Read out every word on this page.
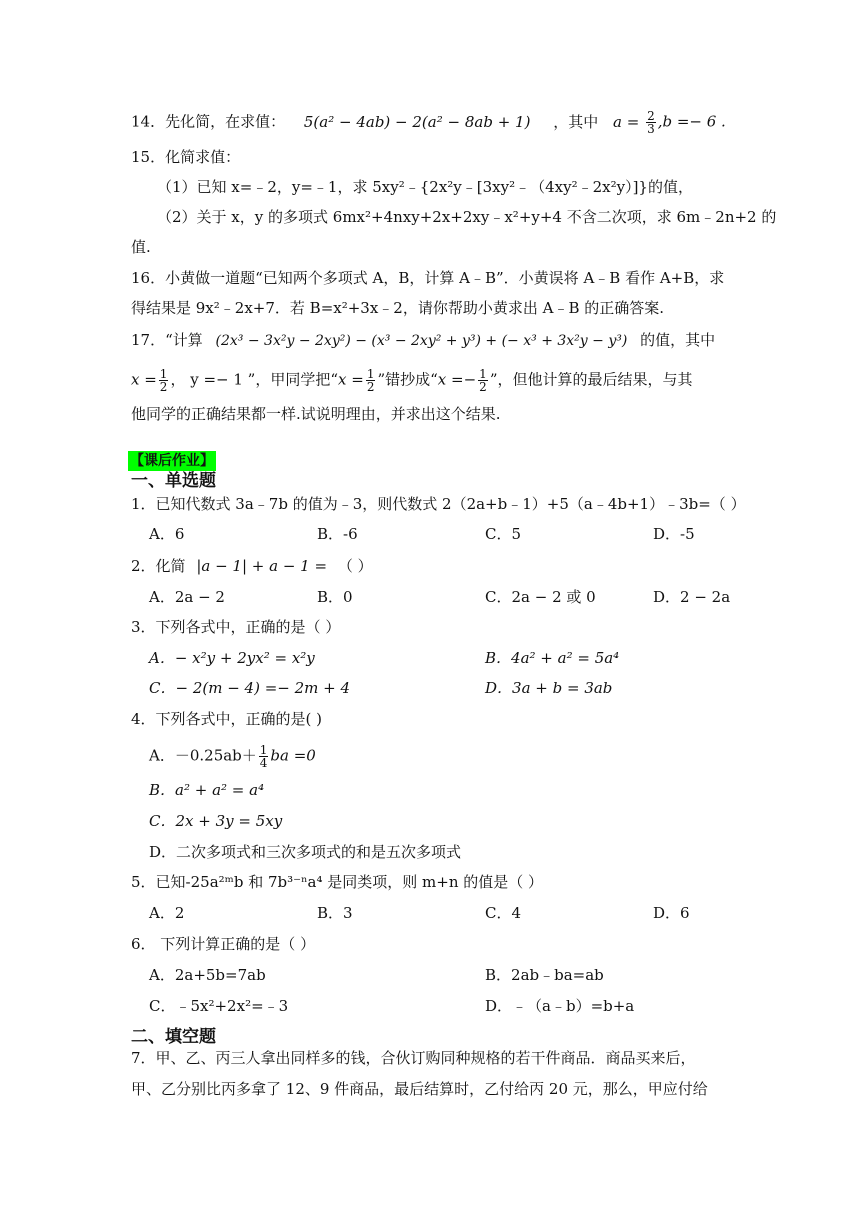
14．先化简，在求值： 5(a² − 4ab) − 2(a² − 8ab + 1) ，其中 $a = \frac{2}{3} ,b =- 6$ .
15．化简求值：
（1）已知 x=﹣2，y=﹣1，求 5xy²﹣{2x²y﹣[3xy²﹣（4xy²﹣2x²y）]}的值，
（2）关于 x，y 的多项式 6mx²+4nxy+2x+2xy﹣x²+y+4 不含二次项，求 6m﹣2n+2 的
值.
16．小黄做一道题“已知两个多项式 A，B，计算 A﹣B”．小黄误将 A﹣B 看作 A+B，求
得结果是 9x²﹣2x+7．若 B=x²+3x﹣2，请你帮助小黄求出 A﹣B 的正确答案.
17．“计算 (2x³ − 3x²y − 2xy²) − (x³ − 2xy² + y³) + (− x³ + 3x²y − y³) 的值，其中
$x = \frac{1}{2}$ ， y =− 1 ”，甲同学把“$x = \frac{1}{2}$ ”错抄成“$x =- \frac{1}{2}$ ”，但他计算的最后结果，与其
他同学的正确结果都一样.试说明理由，并求出这个结果.
【课后作业】
一、单选题
1．已知代数式 3a﹣7b 的值为﹣3，则代数式 2（2a+b﹣1）+5（a﹣4b+1）﹣3b=（ ）
A．6	B．-6	C．5	D．-5
2．化简 |a − 1| + a − 1 = （ ）
A．2a − 2	B．0	C．2a − 2 或 0	D．2 − 2a
3．下列各式中，正确的是（ ）
A．− x²y + 2yx² = x²y	B．4a² + a² = 5a⁴
C．− 2(m − 4) =− 2m + 4	D．3a + b = 3ab
4．下列各式中，正确的是( )
A．$-0.25ab+ \frac{1}{4}$ ba =0
B．a² + a² = a⁴
C．2x + 3y = 5xy
D．二次多项式和三次多项式的和是五次多项式
5．已知-25a²ᵐb 和 7b³⁻ⁿa⁴ 是同类项，则 m+n 的值是（ ）
A．2	B．3	C．4	D．6
6． 下列计算正确的是（ ）
A．2a+5b=7ab	B．2ab﹣ba=ab
C．﹣5x²+2x²=﹣3	D．﹣（a﹣b）=b+a
二、填空题
7．甲、乙、丙三人拿出同样多的钱，合伙订购同种规格的若干件商品．商品买来后，
甲、乙分别比丙多拿了 12、9 件商品，最后结算时，乙付给丙 20 元，那么，甲应付给
